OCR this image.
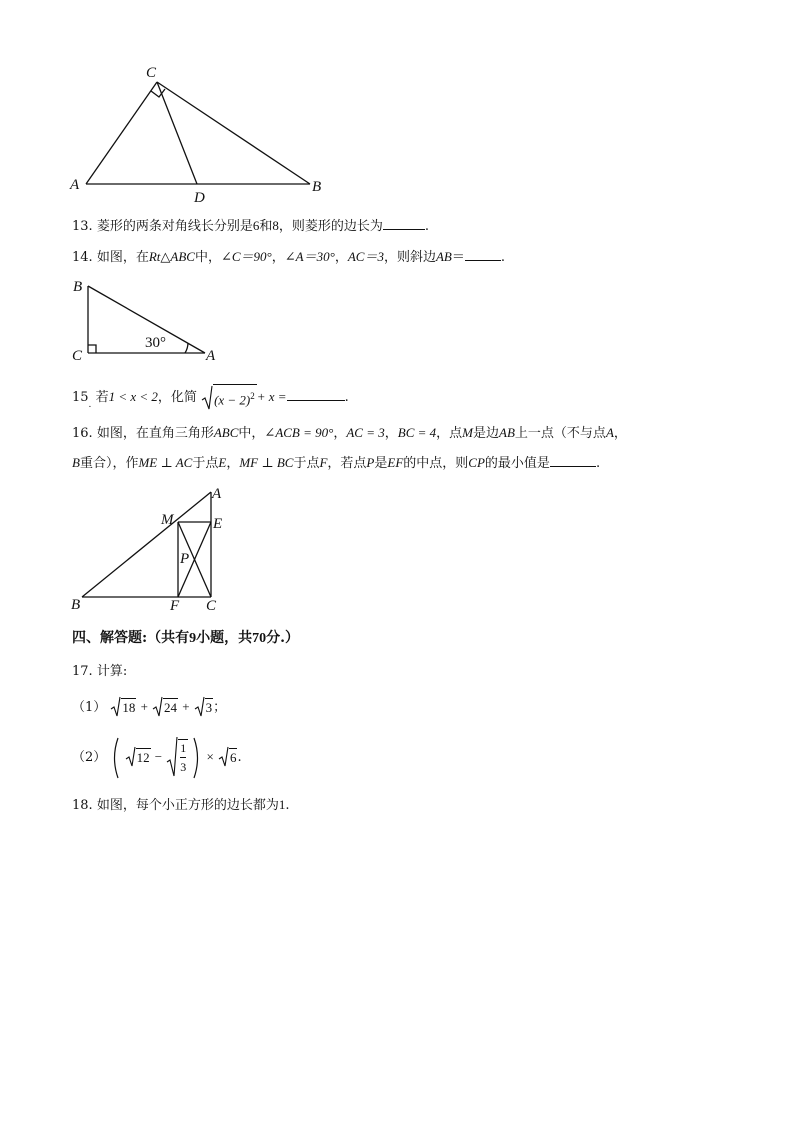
C
A
D
B
13. 菱形的两条对角线长分别是6和8，则菱形的边长为	.
14. 如图，在Rt△ABC中，∠C＝90°，∠A＝30°，AC＝3，则斜边AB＝	.
B
C	A
30°
$15_.$ 若1 < x < 2，化简 $(x - 2)^2 + x$ =	.
16. 如图，在直角三角形ABC中，∠ACB = 90°，AC = 3，BC = 4，点M是边AB上一点（不与点A，
B重合），作ME ⊥ AC于点E，MF ⊥ BC于点F，若点P是EF的中点，则CP的最小值是	.
A
M	E
P
B	F C
四、解答题:（共有9小题，共70分.）
17. 计算:
（1） 18 + 24 + 3；
（2） $12 - \frac{1}{3} \times 6$.
18. 如图，每个小正方形的边长都为1.
